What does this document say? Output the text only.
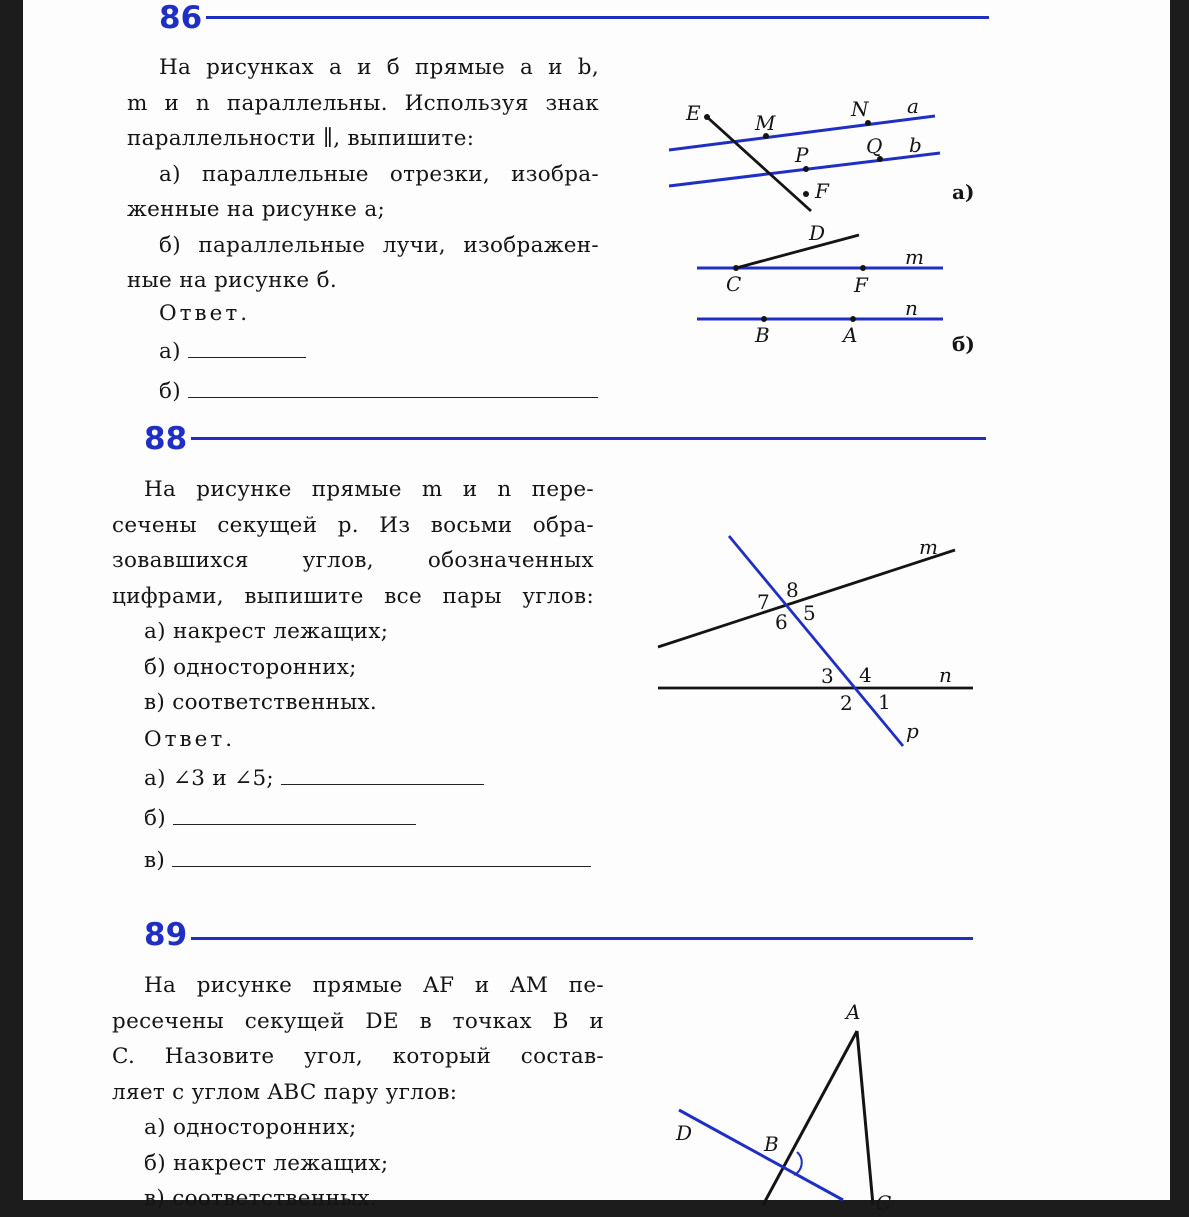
86

На рисунках a и б прямые a и b,

m и n параллельны. Используя знак

параллельности ∥, выпишите:

а) параллельные отрезки, изобра-

женные на рисунке a;

б) параллельные лучи, изображен-

ные на рисунке б.

Ответ.
а)
б)
E	M
N a
P	Q b
F	а)
D
m
C	F
n
B	A	б)
88

На рисунке прямые m и n пере-

сечены секущей p. Из восьми обра-

зовавшихся углов, обозначенных

цифрами, выпишите все пары углов:

а) накрест лежащих;

б) односторонних;

в) соответственных.

Ответ.
а) ∠3 и ∠5;
б)
в)
m
n
p
8
7 5
6
3 4
2 1
89

На рисунке прямые AF и AM пе-

ресечены секущей DE в точках B и

C. Назовите угол, который состав-

ляет с углом ABC пару углов:

а) односторонних;

б) накрест лежащих;

в) соответственных.

A
D	B
C
